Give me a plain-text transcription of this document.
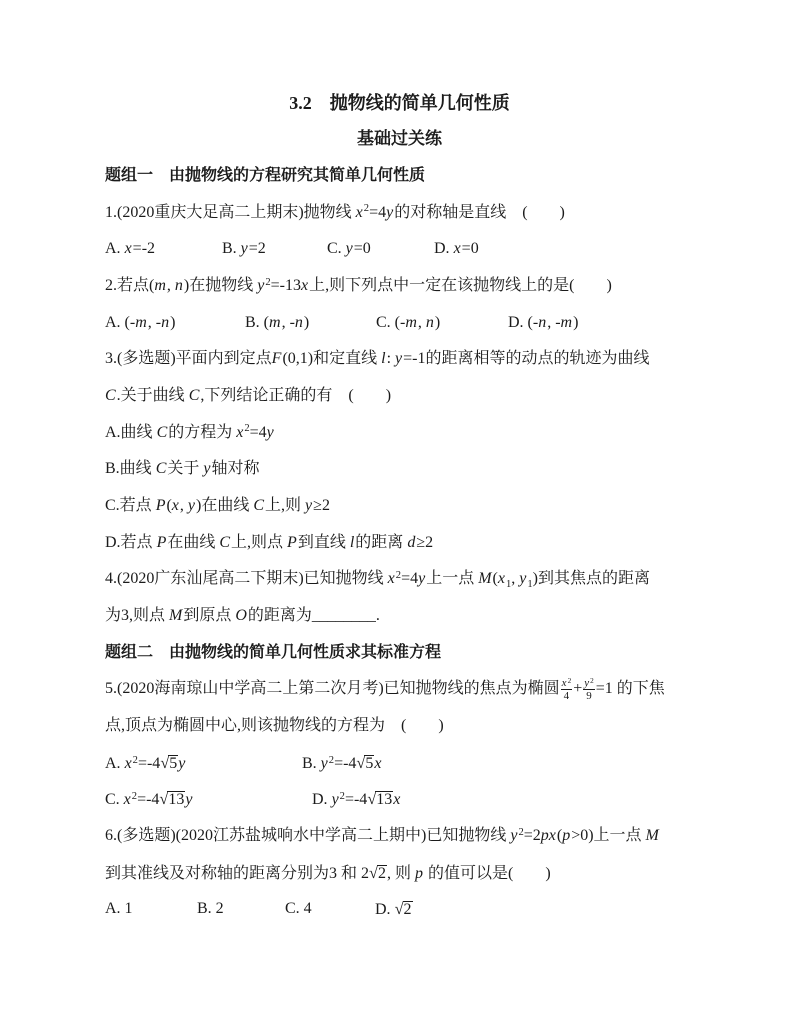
3.2　抛物线的简单几何性质
基础过关练
题组一　由抛物线的方程研究其简单几何性质
1.(2020重庆大足高二上期末)抛物线 $x^2=4y$的对称轴是直线　(　　)
A. x=-2	B. y=2	C. y=0	D. x=0
2.若点(m, n)在抛物线 $y^2=-13x$上,则下列点中一定在该抛物线上的是(　　)
A. (-m, -n)	B. (m, -n)	C. (-m, n)	D. (-n, -m)
3.(多选题)平面内到定点F(0,1)和定直线 l: y=-1的距离相等的动点的轨迹为曲线
C.关于曲线 C,下列结论正确的有　(　　)
A.曲线 C的方程为 $x^2=4y$
B.曲线 C关于 y轴对称
C.若点 P(x, y)在曲线 C上,则 y≥2
D.若点 P在曲线 C上,则点 P到直线 l的距离 d≥2
4.(2020广东汕尾高二下期末)已知抛物线 $x^2=4y$上一点 M(x1, y1)到其焦点的距离
为3,则点 M到原点 O的距离为________.
题组二　由抛物线的简单几何性质求其标准方程
5.(2020海南琼山中学高二上第二次月考)已知抛物线的焦点为椭圆 $\frac{x^2}{4} + \frac{y^2}{9} =1$ 的下焦
点,顶点为椭圆中心,则该抛物线的方程为　(　　)
A. $x^2=-4√5y$	B. $y^2=-4√5x$
C. $x^2=-4√13y$	D. $y^2=-4√13x$
6.(多选题)(2020江苏盐城响水中学高二上期中)已知抛物线 $y^2=2px(p>0)$上一点 M
到其准线及对称轴的距离分别为3 和 2√2, 则 p 的值可以是(　　)
A. 1	B. 2	C. 4	D. √2
